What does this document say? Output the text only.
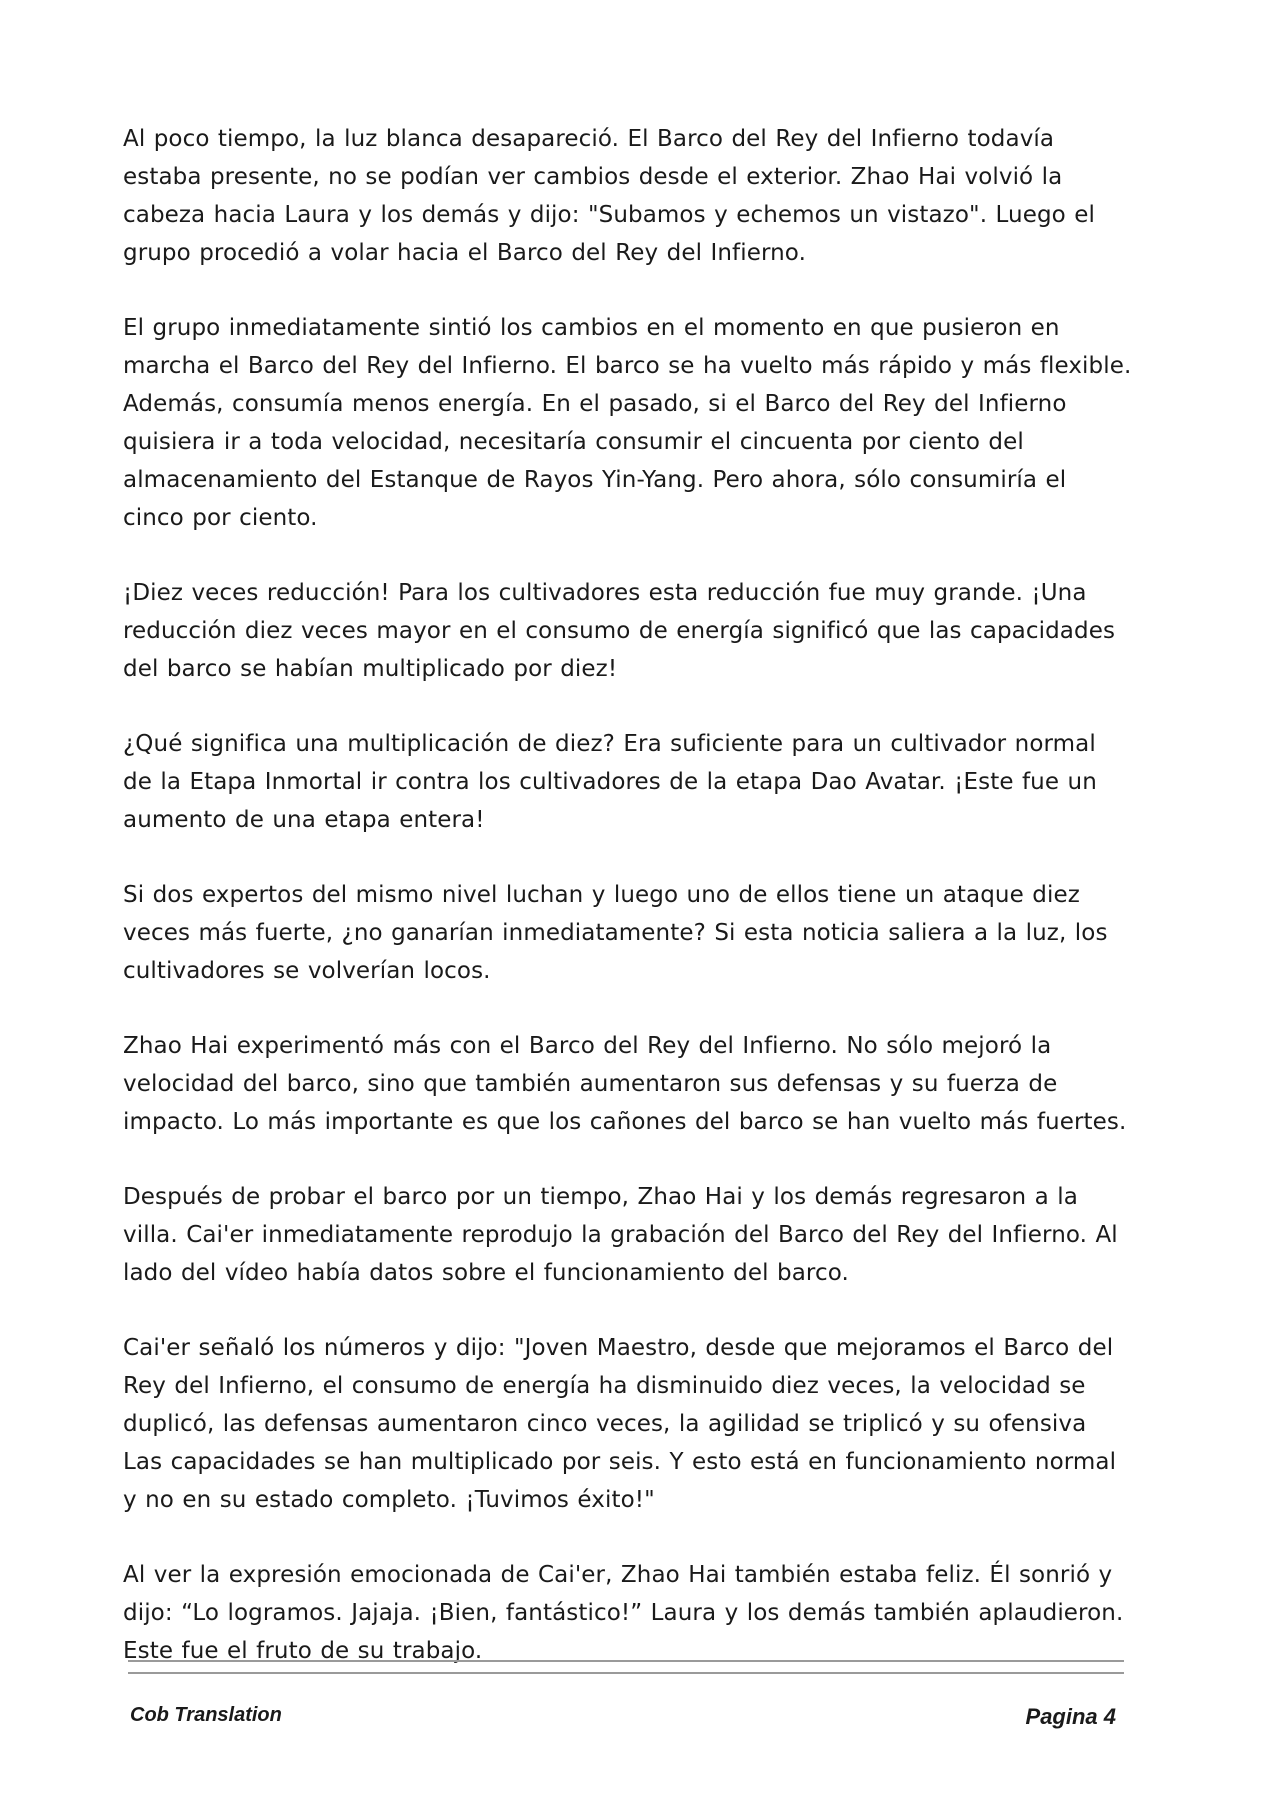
Al poco tiempo, la luz blanca desapareció. El Barco del Rey del Infierno todavía estaba presente, no se podían ver cambios desde el exterior. Zhao Hai volvió la cabeza hacia Laura y los demás y dijo: "Subamos y echemos un vistazo". Luego el grupo procedió a volar hacia el Barco del Rey del Infierno.

El grupo inmediatamente sintió los cambios en el momento en que pusieron en marcha el Barco del Rey del Infierno. El barco se ha vuelto más rápido y más flexible. Además, consumía menos energía. En el pasado, si el Barco del Rey del Infierno quisiera ir a toda velocidad, necesitaría consumir el cincuenta por ciento del almacenamiento del Estanque de Rayos Yin-Yang. Pero ahora, sólo consumiría el cinco por ciento.

¡Diez veces reducción! Para los cultivadores esta reducción fue muy grande. ¡Una reducción diez veces mayor en el consumo de energía significó que las capacidades del barco se habían multiplicado por diez!

¿Qué significa una multiplicación de diez? Era suficiente para un cultivador normal de la Etapa Inmortal ir contra los cultivadores de la etapa Dao Avatar. ¡Este fue un aumento de una etapa entera!

Si dos expertos del mismo nivel luchan y luego uno de ellos tiene un ataque diez veces más fuerte, ¿no ganarían inmediatamente? Si esta noticia saliera a la luz, los cultivadores se volverían locos.

Zhao Hai experimentó más con el Barco del Rey del Infierno. No sólo mejoró la velocidad del barco, sino que también aumentaron sus defensas y su fuerza de impacto. Lo más importante es que los cañones del barco se han vuelto más fuertes.

Después de probar el barco por un tiempo, Zhao Hai y los demás regresaron a la villa. Cai'er inmediatamente reprodujo la grabación del Barco del Rey del Infierno. Al lado del vídeo había datos sobre el funcionamiento del barco.

Cai'er señaló los números y dijo: "Joven Maestro, desde que mejoramos el Barco del Rey del Infierno, el consumo de energía ha disminuido diez veces, la velocidad se duplicó, las defensas aumentaron cinco veces, la agilidad se triplicó y su ofensiva Las capacidades se han multiplicado por seis. Y esto está en funcionamiento normal y no en su estado completo. ¡Tuvimos éxito!"

Al ver la expresión emocionada de Cai'er, Zhao Hai también estaba feliz. Él sonrió y dijo: “Lo logramos. Jajaja. ¡Bien, fantástico!” Laura y los demás también aplaudieron. Este fue el fruto de su trabajo.

Cob Translation	Pagina 4
